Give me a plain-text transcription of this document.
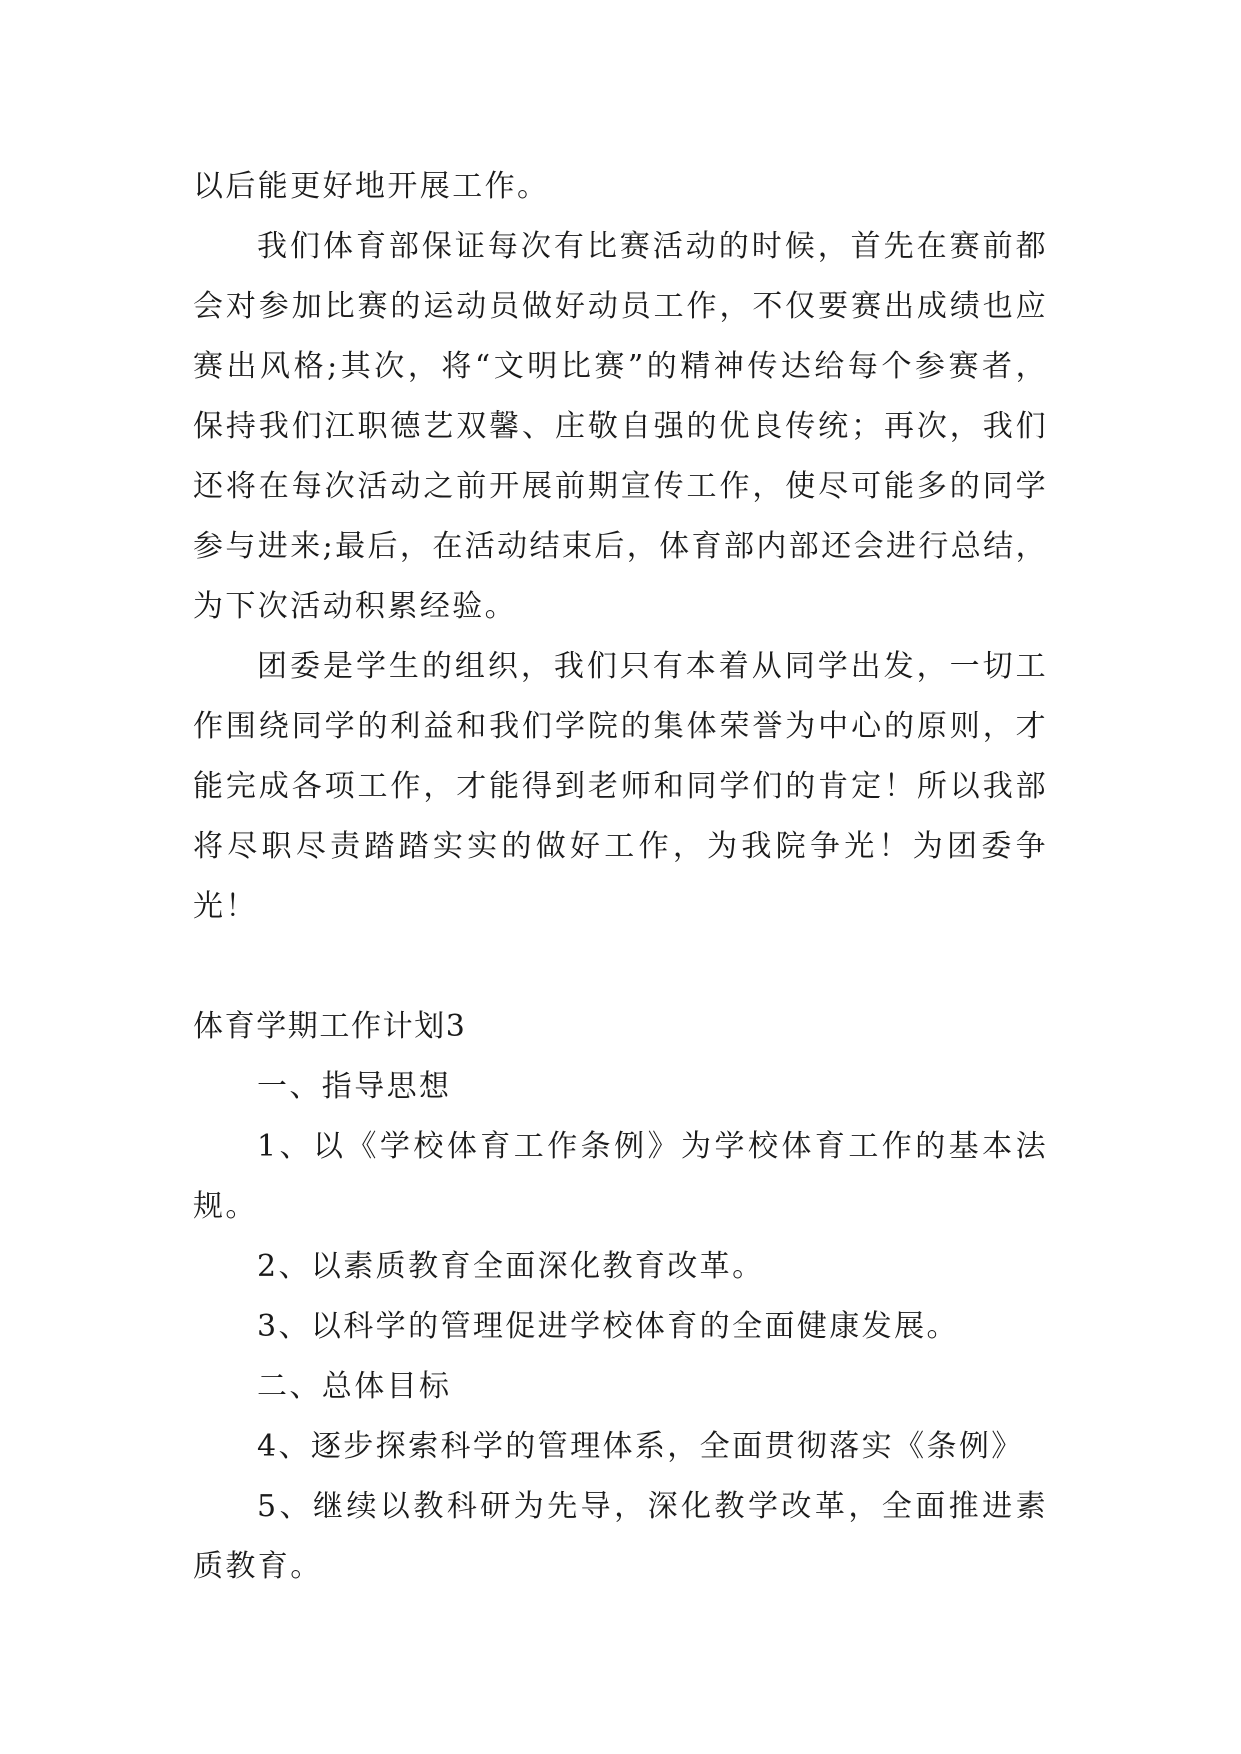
以后能更好地开展工作。

我们体育部保证每次有比赛活动的时候，首先在赛前都会对参加比赛的运动员做好动员工作，不仅要赛出成绩也应赛出风格;其次，将“文明比赛”的精神传达给每个参赛者，保持我们江职德艺双馨、庄敬自强的优良传统；再次，我们还将在每次活动之前开展前期宣传工作，使尽可能多的同学参与进来;最后，在活动结束后，体育部内部还会进行总结，为下次活动积累经验。

团委是学生的组织，我们只有本着从同学出发，一切工作围绕同学的利益和我们学院的集体荣誉为中心的原则，才能完成各项工作，才能得到老师和同学们的肯定！所以我部将尽职尽责踏踏实实的做好工作，为我院争光！为团委争光！

体育学期工作计划3

一、指导思想

1、以《学校体育工作条例》为学校体育工作的基本法规。

2、以素质教育全面深化教育改革。

3、以科学的管理促进学校体育的全面健康发展。

二、总体目标

4、逐步探索科学的管理体系，全面贯彻落实《条例》

5、继续以教科研为先导，深化教学改革，全面推进素质教育。
